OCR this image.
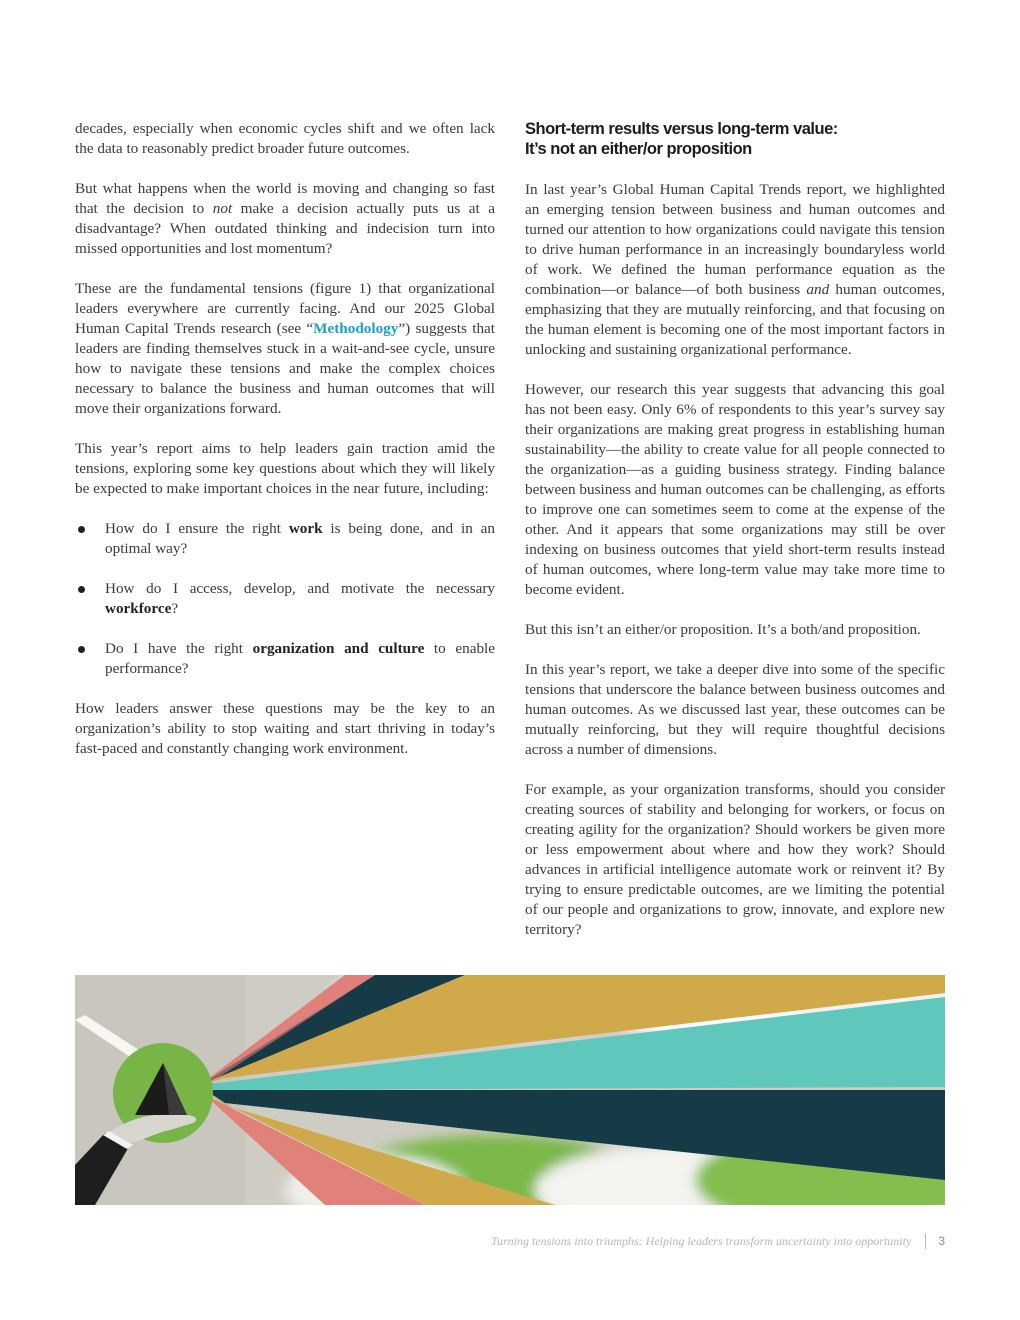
decades, especially when economic cycles shift and we often lack the data to reasonably predict broader future outcomes.

But what happens when the world is moving and changing so fast that the decision to not make a decision actually puts us at a disadvantage? When outdated thinking and indecision turn into missed opportunities and lost momentum?

These are the fundamental tensions (figure 1) that organizational leaders everywhere are currently facing. And our 2025 Global Human Capital Trends research (see “Methodology”) suggests that leaders are finding themselves stuck in a wait-and-see cycle, unsure how to navigate these tensions and make the complex choices necessary to balance the business and human outcomes that will move their organizations forward.

This year’s report aims to help leaders gain traction amid the tensions, exploring some key questions about which they will likely be expected to make important choices in the near future, including:

How do I ensure the right work is being done, and in an optimal way?
How do I access, develop, and motivate the necessary workforce?
Do I have the right organization and culture to enable performance?

How leaders answer these questions may be the key to an organization’s ability to stop waiting and start thriving in today’s fast-paced and constantly changing work environment.

Short-term results versus long-term value:
It’s not an either/or proposition

In last year’s Global Human Capital Trends report, we highlighted an emerging tension between business and human outcomes and turned our attention to how organizations could navigate this tension to drive human performance in an increasingly boundaryless world of work. We defined the human performance equation as the combination—or balance—of both business and human outcomes, emphasizing that they are mutually reinforcing, and that focusing on the human element is becoming one of the most important factors in unlocking and sustaining organizational performance.

However, our research this year suggests that advancing this goal has not been easy. Only 6% of respondents to this year’s survey say their organizations are making great progress in establishing human sustainability—the ability to create value for all people connected to the organization—as a guiding business strategy. Finding balance between business and human outcomes can be challenging, as efforts to improve one can sometimes seem to come at the expense of the other. And it appears that some organizations may still be over indexing on business outcomes that yield short-term results instead of human outcomes, where long-term value may take more time to become evident.

But this isn’t an either/or proposition. It’s a both/and proposition.

In this year’s report, we take a deeper dive into some of the specific tensions that underscore the balance between business outcomes and human outcomes. As we discussed last year, these outcomes can be mutually reinforcing, but they will require thoughtful decisions across a number of dimensions.

For example, as your organization transforms, should you consider creating sources of stability and belonging for workers, or focus on creating agility for the organization? Should workers be given more or less empowerment about where and how they work? Should advances in artificial intelligence automate work or reinvent it? By trying to ensure predictable outcomes, are we limiting the potential of our people and organizations to grow, innovate, and explore new territory?

Turning tensions into triumphs: Helping leaders transform uncertainty into opportunity 3
